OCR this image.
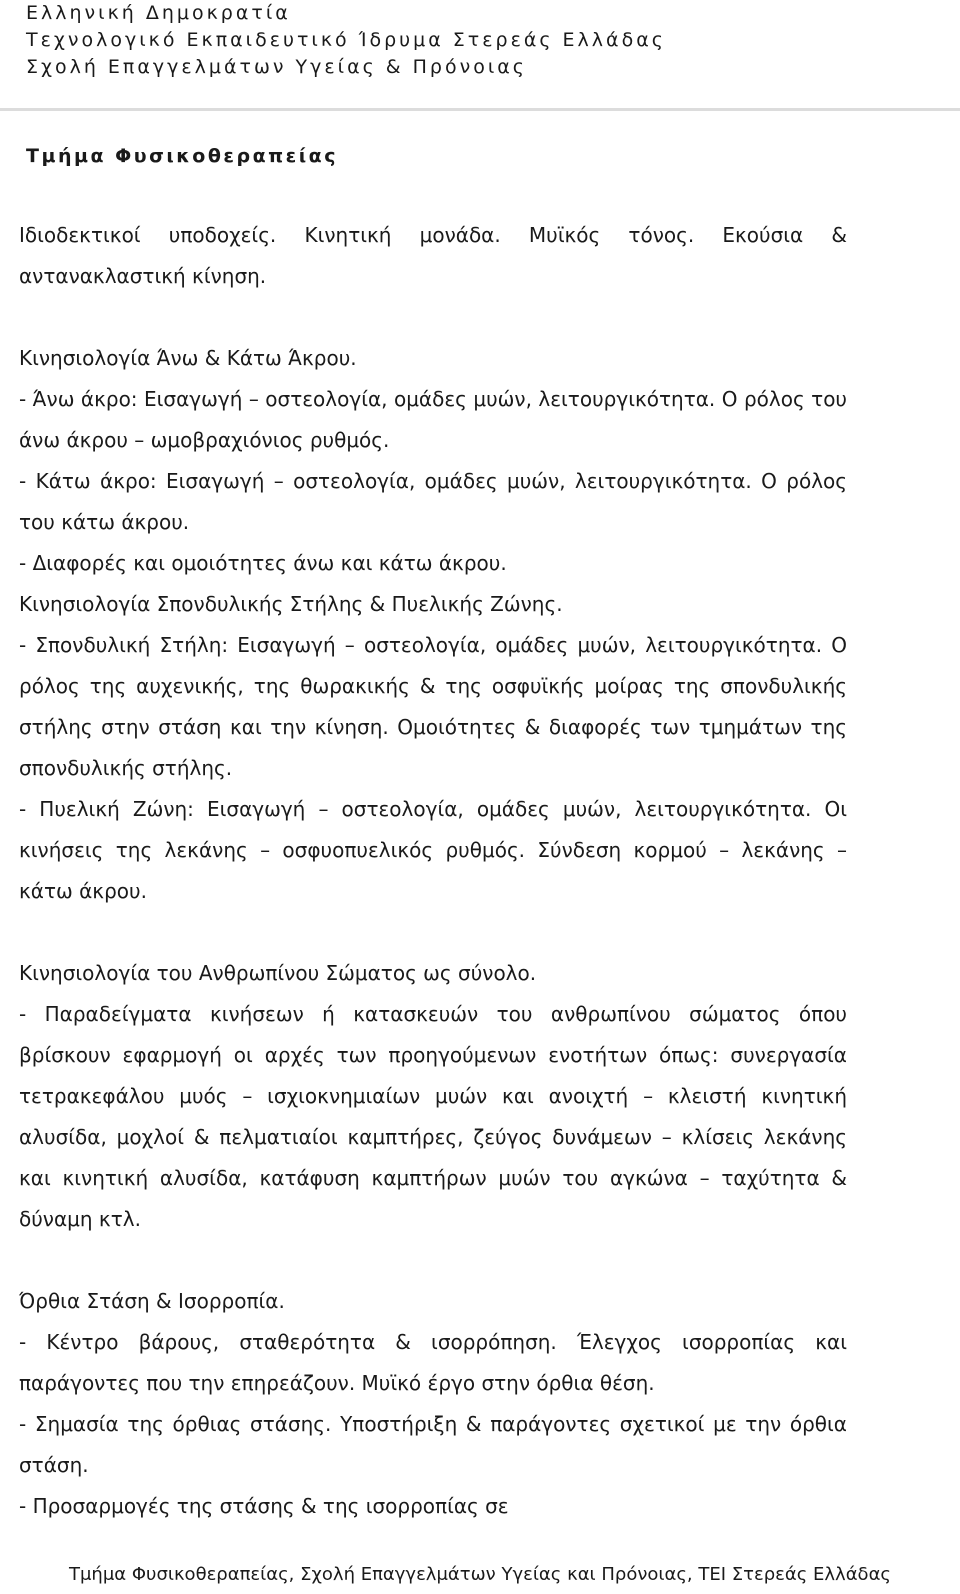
Ελληνική Δημοκρατία
Τεχνολογικό Εκπαιδευτικό Ίδρυμα Στερεάς Ελλάδας
Σχολή Επαγγελμάτων Υγείας & Πρόνοιας
Τμήμα Φυσικοθεραπείας

Ιδιοδεκτικοί υποδοχείς. Κινητική μονάδα. Μυϊκός τόνος. Εκούσια & αντανακλαστική κίνηση.

Κινησιολογία Άνω & Κάτω Άκρου.

- Άνω άκρο: Εισαγωγή – οστεολογία, ομάδες μυών, λειτουργικότητα. Ο ρόλος του άνω άκρου – ωμοβραχιόνιος ρυθμός.

- Κάτω άκρο: Εισαγωγή – οστεολογία, ομάδες μυών, λειτουργικότητα. Ο ρόλος του κάτω άκρου.

- Διαφορές και ομοιότητες άνω και κάτω άκρου.

Κινησιολογία Σπονδυλικής Στήλης & Πυελικής Ζώνης.

- Σπονδυλική Στήλη: Εισαγωγή – οστεολογία, ομάδες μυών, λειτουργικότητα. Ο ρόλος της αυχενικής, της θωρακικής & της οσφυϊκής μοίρας της σπονδυλικής στήλης στην στάση και την κίνηση. Ομοιότητες & διαφορές των τμημάτων της σπονδυλικής στήλης.

- Πυελική Ζώνη: Εισαγωγή – οστεολογία, ομάδες μυών, λειτουργικότητα. Οι κινήσεις της λεκάνης – οσφυοπυελικός ρυθμός. Σύνδεση κορμού – λεκάνης – κάτω άκρου.

Κινησιολογία του Ανθρωπίνου Σώματος ως σύνολο.

- Παραδείγματα κινήσεων ή κατασκευών του ανθρωπίνου σώματος όπου βρίσκουν εφαρμογή οι αρχές των προηγούμενων ενοτήτων όπως: συνεργασία τετρακεφάλου μυός – ισχιοκνημιαίων μυών και ανοιχτή – κλειστή κινητική αλυσίδα, μοχλοί & πελματιαίοι καμπτήρες, ζεύγος δυνάμεων – κλίσεις λεκάνης και κινητική αλυσίδα, κατάφυση καμπτήρων μυών του αγκώνα – ταχύτητα & δύναμη κτλ.

Όρθια Στάση & Ισορροπία.

- Κέντρο βάρους, σταθερότητα & ισορρόπηση. Έλεγχος ισορροπίας και παράγοντες που την επηρεάζουν. Μυϊκό έργο στην όρθια θέση.

- Σημασία της όρθιας στάσης. Υποστήριξη & παράγοντες σχετικοί με την όρθια στάση.

- Προσαρμογές της στάσης & της ισορροπίας σε

Τμήμα Φυσικοθεραπείας, Σχολή Επαγγελμάτων Υγείας και Πρόνοιας, ΤΕΙ Στερεάς Ελλάδας
